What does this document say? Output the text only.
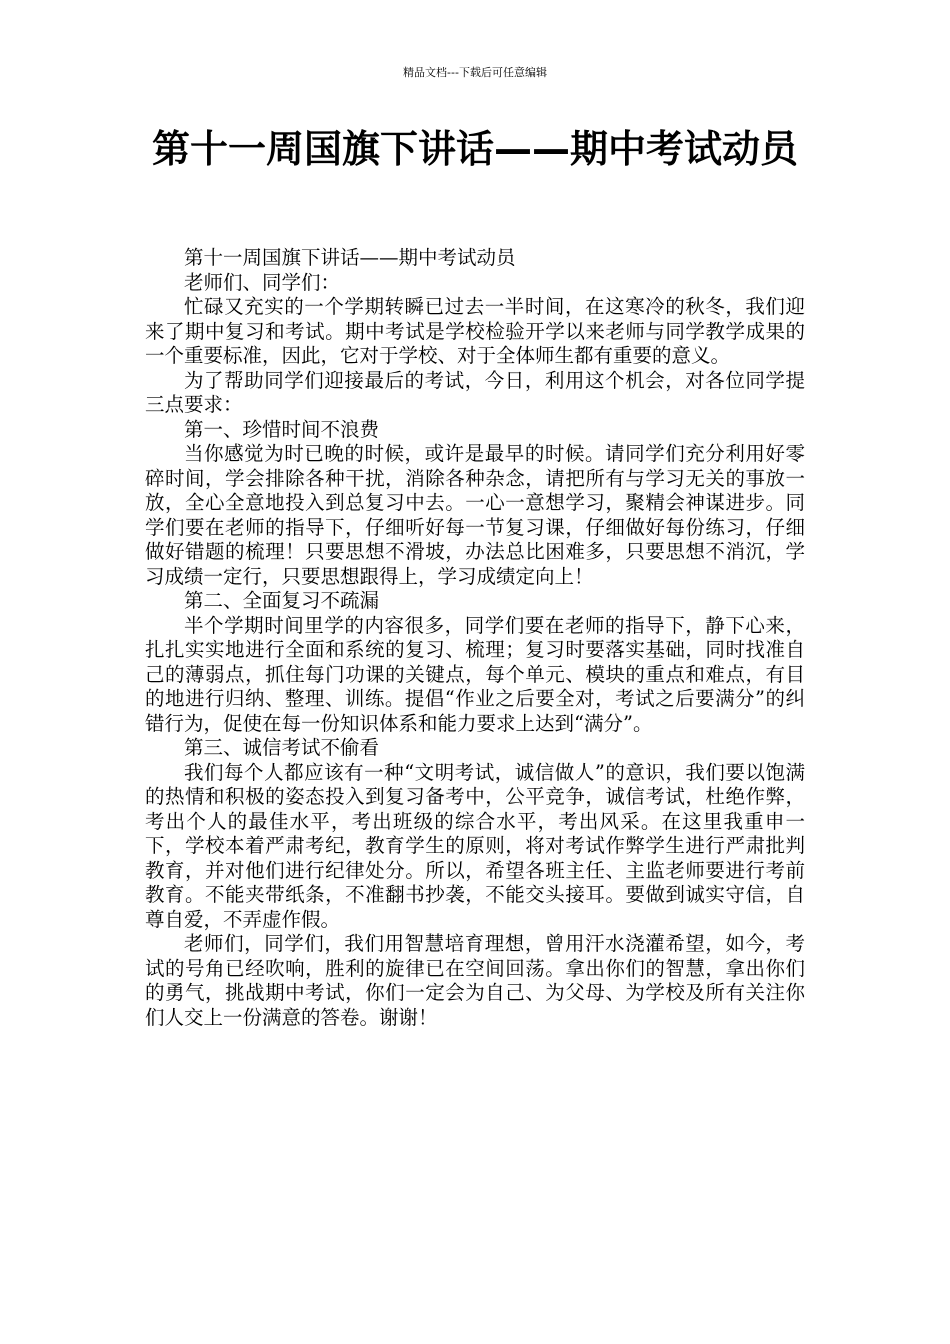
精品文档---下载后可任意编辑
第十一周国旗下讲话——期中考试动员

第十一周国旗下讲话——期中考试动员

老师们、同学们：

忙碌又充实的一个学期转瞬已过去一半时间，在这寒冷的秋冬，我们迎来了期中复习和考试。期中考试是学校检验开学以来老师与同学教学成果的一个重要标准，因此，它对于学校、对于全体师生都有重要的意义。

为了帮助同学们迎接最后的考试，今日，利用这个机会，对各位同学提三点要求：

第一、珍惜时间不浪费

当你感觉为时已晚的时候，或许是最早的时候。请同学们充分利用好零碎时间，学会排除各种干扰，消除各种杂念，请把所有与学习无关的事放一放，全心全意地投入到总复习中去。一心一意想学习，聚精会神谋进步。同学们要在老师的指导下，仔细听好每一节复习课，仔细做好每份练习，仔细做好错题的梳理！只要思想不滑坡，办法总比困难多，只要思想不消沉，学习成绩一定行，只要思想跟得上，学习成绩定向上！

第二、全面复习不疏漏

半个学期时间里学的内容很多，同学们要在老师的指导下，静下心来，扎扎实实地进行全面和系统的复习、梳理；复习时要落实基础，同时找准自己的薄弱点，抓住每门功课的关键点，每个单元、模块的重点和难点，有目的地进行归纳、整理、训练。提倡“作业之后要全对，考试之后要满分”的纠错行为，促使在每一份知识体系和能力要求上达到“满分”。

第三、诚信考试不偷看

我们每个人都应该有一种“文明考试，诚信做人”的意识，我们要以饱满的热情和积极的姿态投入到复习备考中，公平竞争，诚信考试，杜绝作弊，考出个人的最佳水平，考出班级的综合水平，考出风采。在这里我重申一下，学校本着严肃考纪，教育学生的原则，将对考试作弊学生进行严肃批判教育，并对他们进行纪律处分。所以，希望各班主任、主监老师要进行考前教育。不能夹带纸条，不准翻书抄袭，不能交头接耳。要做到诚实守信，自尊自爱，不弄虚作假。

老师们，同学们，我们用智慧培育理想，曾用汗水浇灌希望，如今，考试的号角已经吹响，胜利的旋律已在空间回荡。拿出你们的智慧，拿出你们的勇气，挑战期中考试，你们一定会为自己、为父母、为学校及所有关注你们人交上一份满意的答卷。谢谢！
